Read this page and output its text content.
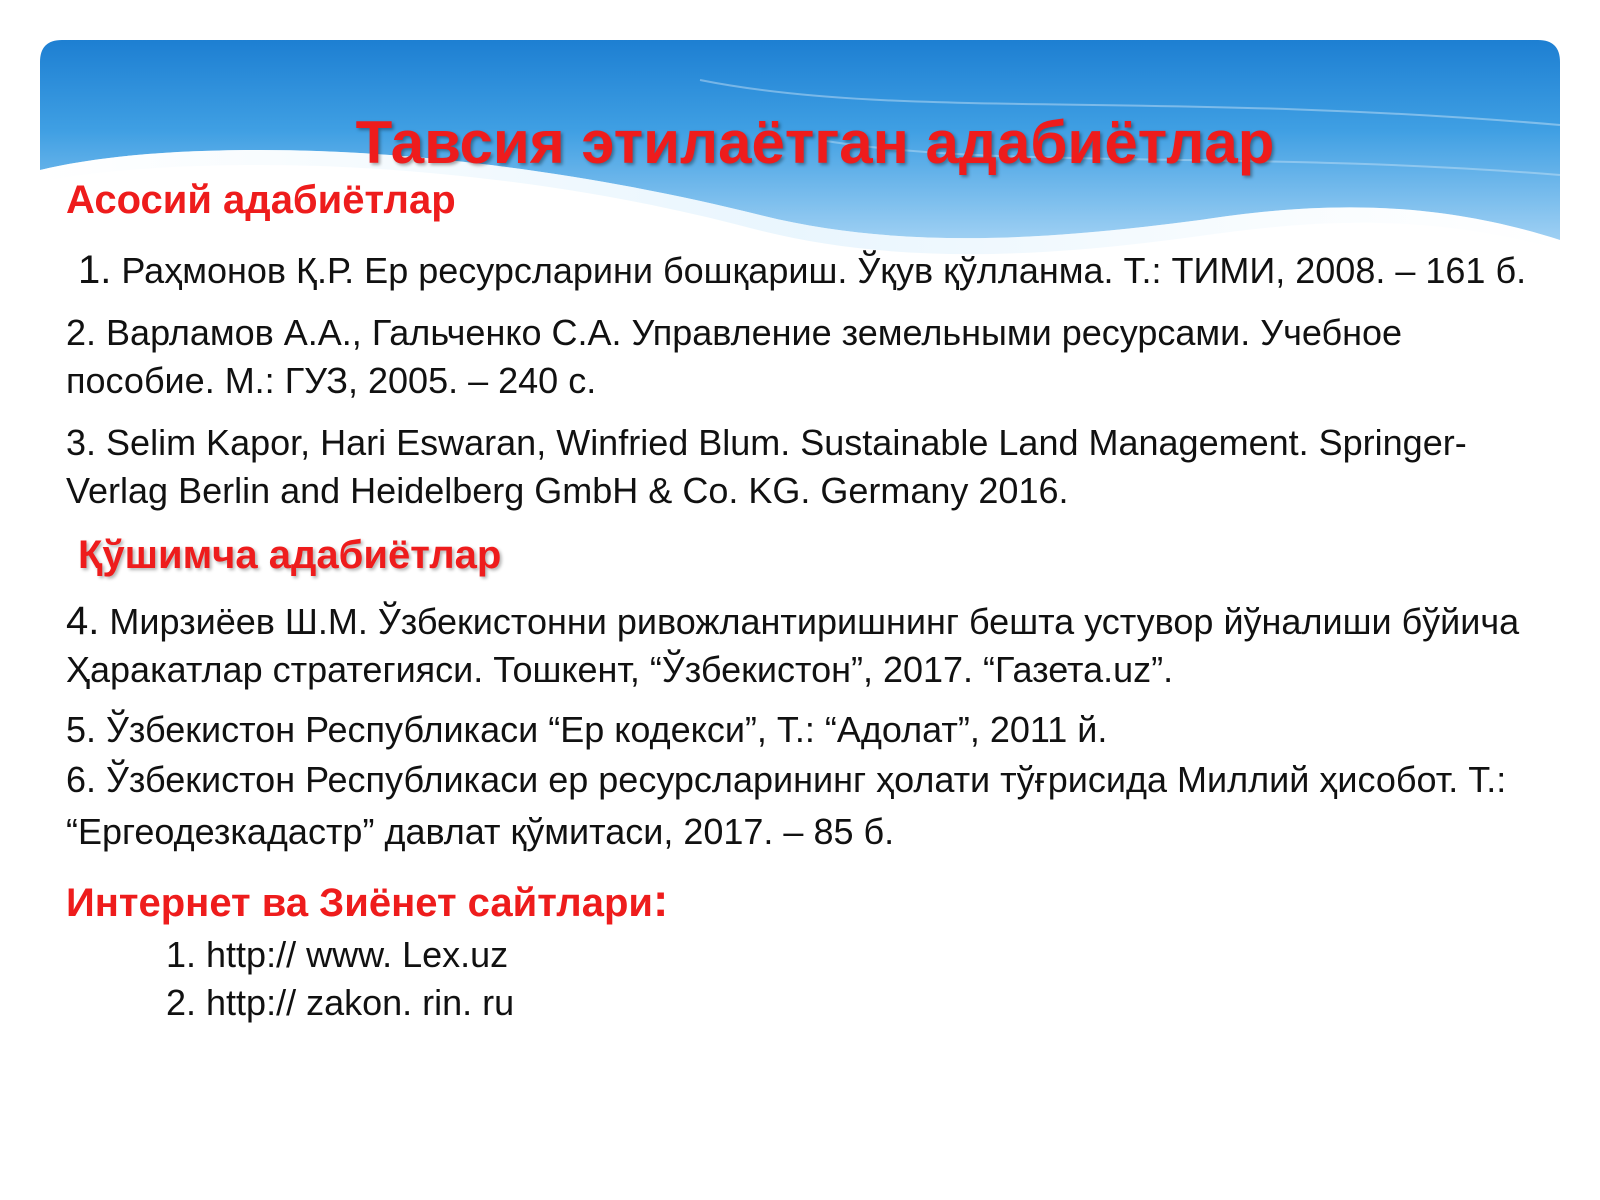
Тавсия этилаётган адабиётлар

Асосий адабиётлар

1. Раҳмонов Қ.Р. Ер ресурсларини бошқариш. Ўқув қўлланма. Т.: ТИМИ, 2008. – 161 б.

2. Варламов А.А., Гальченко С.А. Управление земельными ресурсами. Учебное пособие. М.: ГУЗ, 2005. – 240 с.

3. Selim Kapor, Hari Eswaran, Winfried Blum. Sustainable Land Management. Springer-Verlag Berlin and Heidelberg GmbH & Co. KG. Germany 2016.

Қўшимча адабиётлар

4. Мирзиёев Ш.М. Ўзбекистонни ривожлантиришнинг бешта устувор йўналиши бўйича Ҳаракатлар стратегияси. Тошкент, “Ўзбекистон”, 2017. “Газета.uz”.

5. Ўзбекистон Республикаси “Ер кодекси”, Т.: “Адолат”, 2011 й.

6. Ўзбекистон Республикаси ер ресурсларининг ҳолати тўғрисида Миллий ҳисобот. Т.: “Ергеодезкадастр” давлат қўмитаси, 2017. – 85 б.

Интернет ва Зиёнет сайтлари:

1. http:// www. Lex.uz

2. http:// zakon. rin. ru
